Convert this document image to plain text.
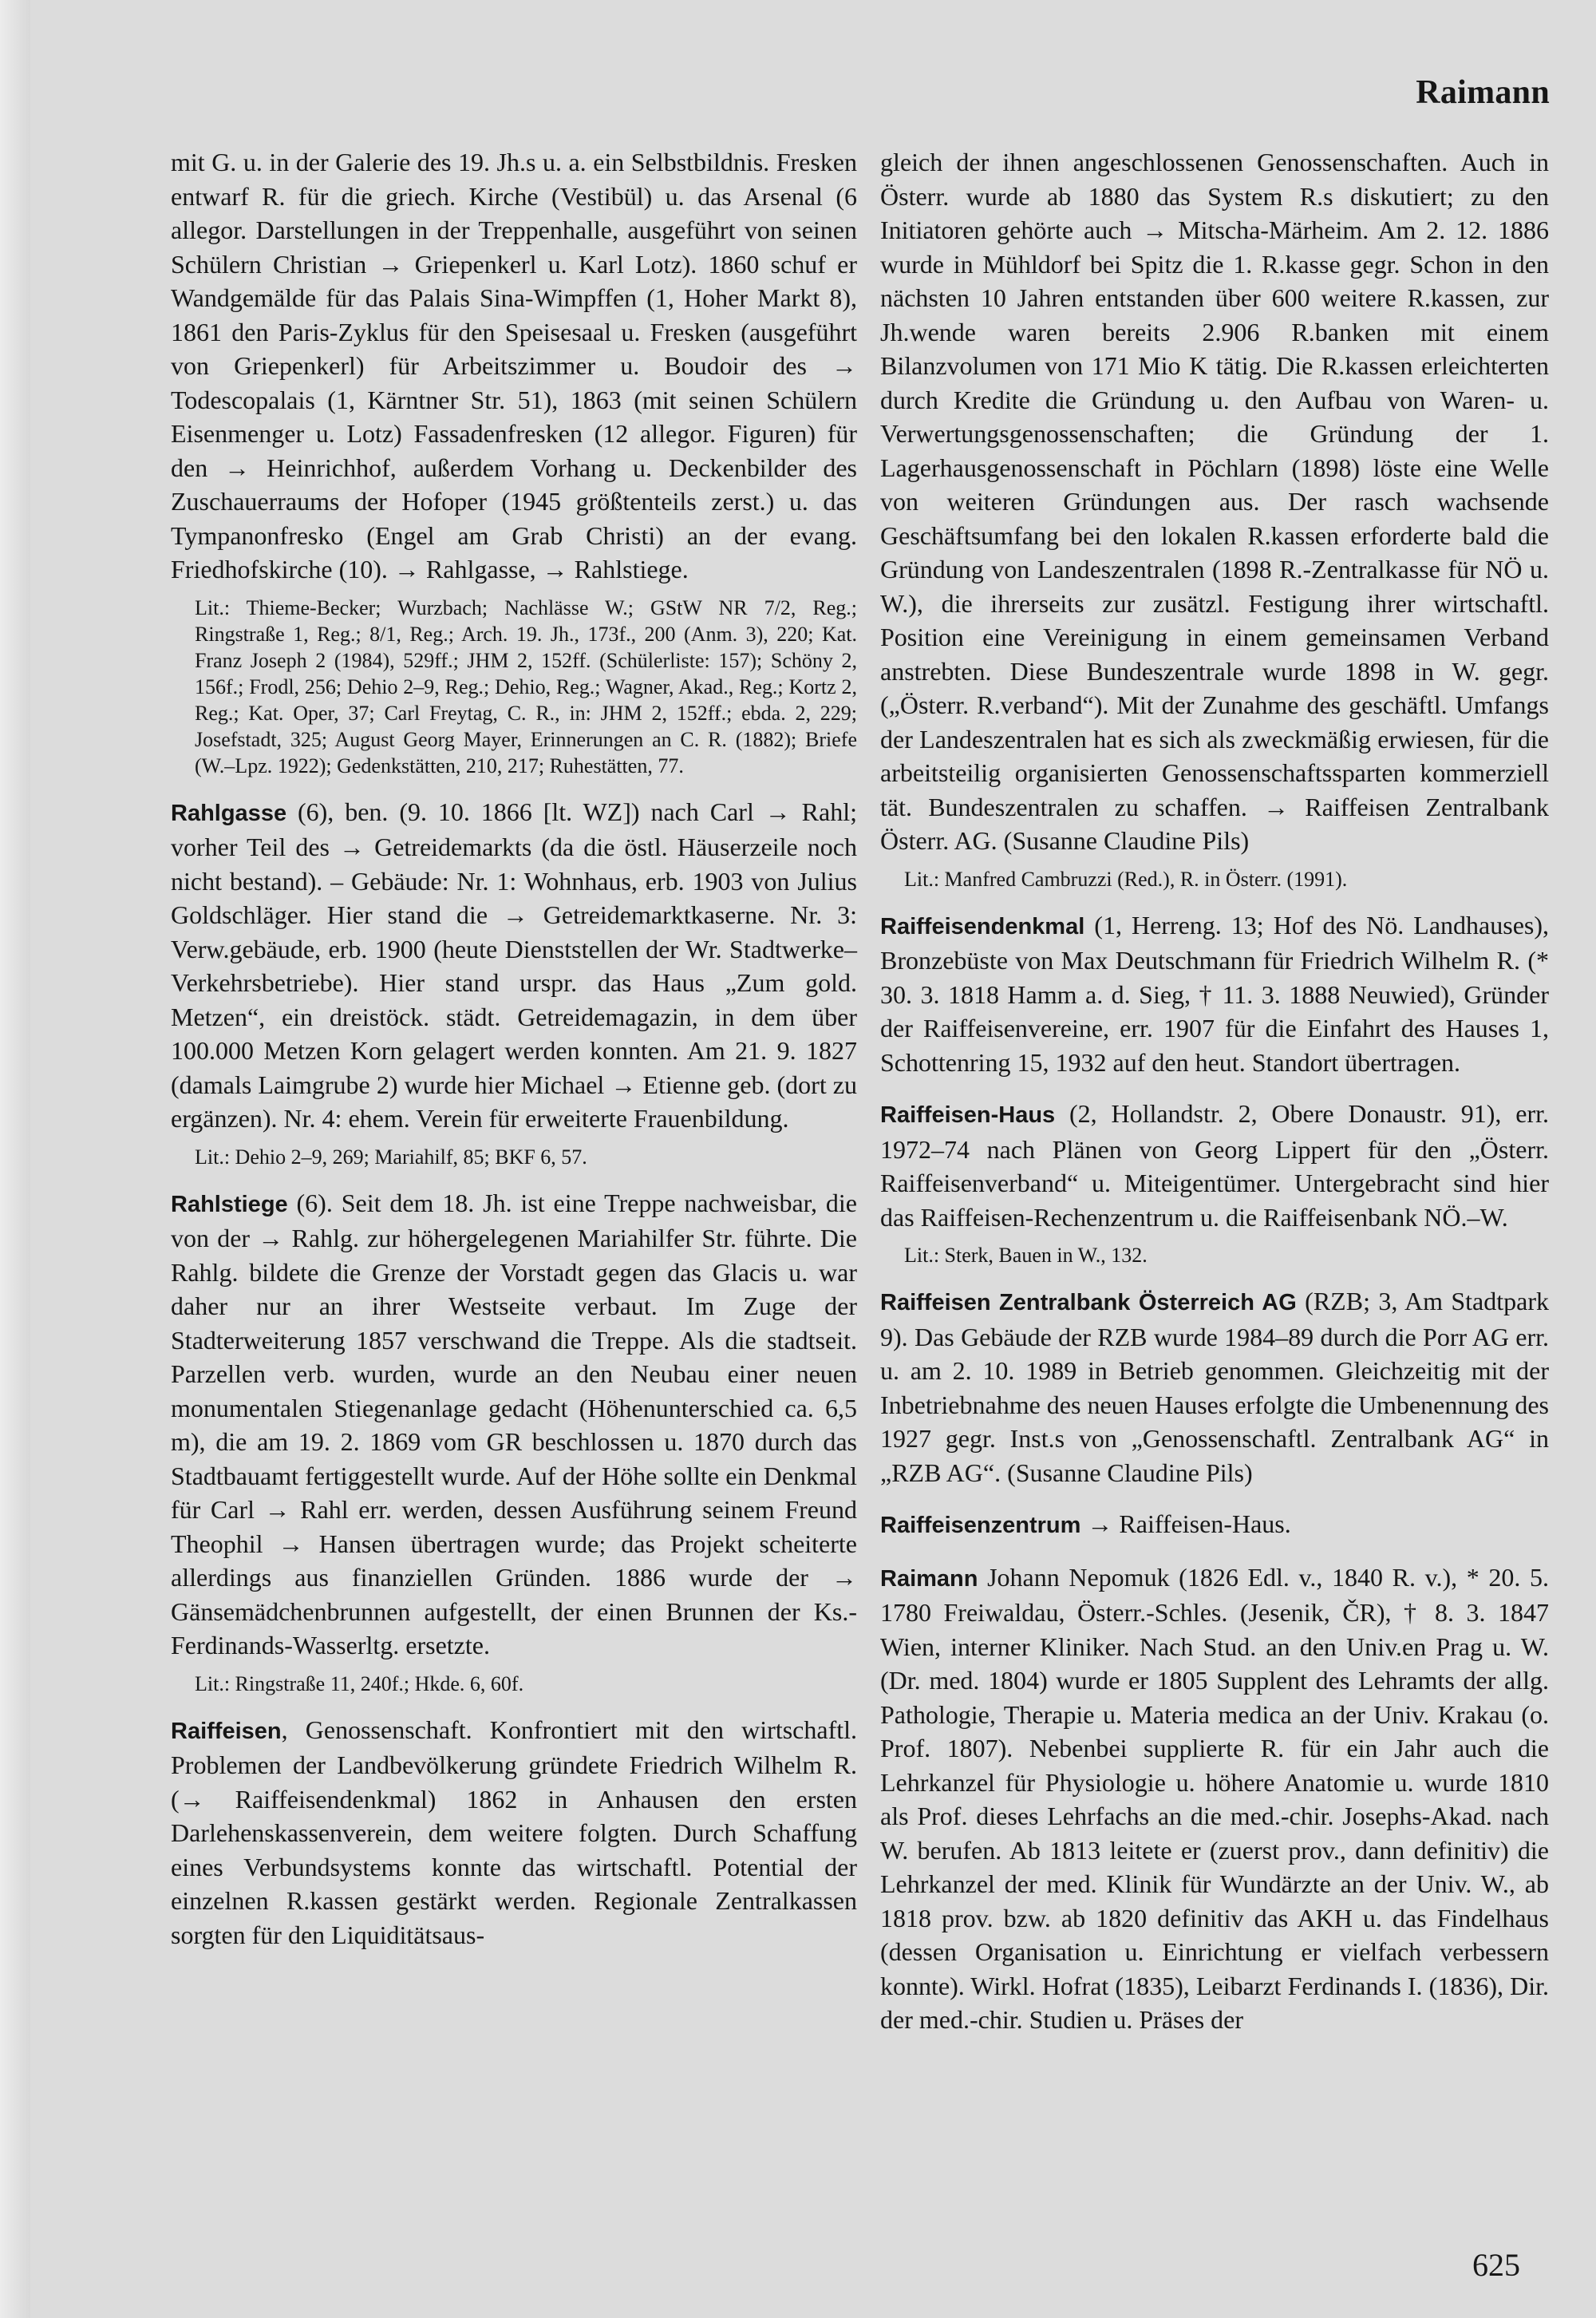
Raimann

mit G. u. in der Galerie des 19. Jh.s u. a. ein Selbstbildnis. Fresken entwarf R. für die griech. Kirche (Vestibül) u. das Arsenal (6 allegor. Darstellungen in der Treppenhalle, ausgeführt von seinen Schülern Christian → Griepenkerl u. Karl Lotz). 1860 schuf er Wandgemälde für das Palais Sina-Wimpffen (1, Hoher Markt 8), 1861 den Paris-Zyklus für den Speisesaal u. Fresken (ausgeführt von Griepenkerl) für Arbeitszimmer u. Boudoir des → Todescopalais (1, Kärntner Str. 51), 1863 (mit seinen Schülern Eisenmenger u. Lotz) Fassadenfresken (12 allegor. Figuren) für den → Heinrichhof, außerdem Vorhang u. Deckenbilder des Zuschauerraums der Hofoper (1945 größtenteils zerst.) u. das Tympanonfresko (Engel am Grab Christi) an der evang. Friedhofskirche (10). → Rahlgasse, → Rahlstiege.

Lit.: Thieme-Becker; Wurzbach; Nachlässe W.; GStW NR 7/2, Reg.; Ringstraße 1, Reg.; 8/1, Reg.; Arch. 19. Jh., 173f., 200 (Anm. 3), 220; Kat. Franz Joseph 2 (1984), 529ff.; JHM 2, 152ff. (Schülerliste: 157); Schöny 2, 156f.; Frodl, 256; Dehio 2–9, Reg.; Dehio, Reg.; Wagner, Akad., Reg.; Kortz 2, Reg.; Kat. Oper, 37; Carl Freytag, C. R., in: JHM 2, 152ff.; ebda. 2, 229; Josefstadt, 325; August Georg Mayer, Erinnerungen an C. R. (1882); Briefe (W.–Lpz. 1922); Gedenkstätten, 210, 217; Ruhestätten, 77.

Rahlgasse (6), ben. (9. 10. 1866 [lt. WZ]) nach Carl → Rahl; vorher Teil des → Getreidemarkts (da die östl. Häuserzeile noch nicht bestand). – Gebäude: Nr. 1: Wohnhaus, erb. 1903 von Julius Goldschläger. Hier stand die → Getreidemarktkaserne. Nr. 3: Verw.gebäude, erb. 1900 (heute Dienststellen der Wr. Stadtwerke–Verkehrsbetriebe). Hier stand urspr. das Haus „Zum gold. Metzen“, ein dreistöck. städt. Getreidemagazin, in dem über 100.000 Metzen Korn gelagert werden konnten. Am 21. 9. 1827 (damals Laimgrube 2) wurde hier Michael → Etienne geb. (dort zu ergänzen). Nr. 4: ehem. Verein für erweiterte Frauenbildung.

Lit.: Dehio 2–9, 269; Mariahilf, 85; BKF 6, 57.

Rahlstiege (6). Seit dem 18. Jh. ist eine Treppe nachweisbar, die von der → Rahlg. zur höhergelegenen Mariahilfer Str. führte. Die Rahlg. bildete die Grenze der Vorstadt gegen das Glacis u. war daher nur an ihrer Westseite verbaut. Im Zuge der Stadterweiterung 1857 verschwand die Treppe. Als die stadtseit. Parzellen verb. wurden, wurde an den Neubau einer neuen monumentalen Stiegenanlage gedacht (Höhenunterschied ca. 6,5 m), die am 19. 2. 1869 vom GR beschlossen u. 1870 durch das Stadtbauamt fertiggestellt wurde. Auf der Höhe sollte ein Denkmal für Carl → Rahl err. werden, dessen Ausführung seinem Freund Theophil → Hansen übertragen wurde; das Projekt scheiterte allerdings aus finanziellen Gründen. 1886 wurde der → Gänsemädchenbrunnen aufgestellt, der einen Brunnen der Ks.-Ferdinands-Wasserltg. ersetzte.

Lit.: Ringstraße 11, 240f.; Hkde. 6, 60f.

Raiffeisen, Genossenschaft. Konfrontiert mit den wirtschaftl. Problemen der Landbevölkerung gründete Friedrich Wilhelm R. (→ Raiffeisendenkmal) 1862 in Anhausen den ersten Darlehenskassenverein, dem weitere folgten. Durch Schaffung eines Verbundsystems konnte das wirtschaftl. Potential der einzelnen R.kassen gestärkt werden. Regionale Zentralkassen sorgten für den Liquiditätsaus-

gleich der ihnen angeschlossenen Genossenschaften. Auch in Österr. wurde ab 1880 das System R.s diskutiert; zu den Initiatoren gehörte auch → Mitscha-Märheim. Am 2. 12. 1886 wurde in Mühldorf bei Spitz die 1. R.kasse gegr. Schon in den nächsten 10 Jahren entstanden über 600 weitere R.kassen, zur Jh.wende waren bereits 2.906 R.banken mit einem Bilanzvolumen von 171 Mio K tätig. Die R.kassen erleichterten durch Kredite die Gründung u. den Aufbau von Waren- u. Verwertungsgenossenschaften; die Gründung der 1. Lagerhausgenossenschaft in Pöchlarn (1898) löste eine Welle von weiteren Gründungen aus. Der rasch wachsende Geschäftsumfang bei den lokalen R.kassen erforderte bald die Gründung von Landeszentralen (1898 R.-Zentralkasse für NÖ u. W.), die ihrerseits zur zusätzl. Festigung ihrer wirtschaftl. Position eine Vereinigung in einem gemeinsamen Verband anstrebten. Diese Bundeszentrale wurde 1898 in W. gegr. („Österr. R.verband“). Mit der Zunahme des geschäftl. Umfangs der Landeszentralen hat es sich als zweckmäßig erwiesen, für die arbeitsteilig organisierten Genossenschaftssparten kommerziell tät. Bundeszentralen zu schaffen. → Raiffeisen Zentralbank Österr. AG. (Susanne Claudine Pils)

Lit.: Manfred Cambruzzi (Red.), R. in Österr. (1991).

Raiffeisendenkmal (1, Herreng. 13; Hof des Nö. Landhauses), Bronzebüste von Max Deutschmann für Friedrich Wilhelm R. (* 30. 3. 1818 Hamm a. d. Sieg, † 11. 3. 1888 Neuwied), Gründer der Raiffeisenvereine, err. 1907 für die Einfahrt des Hauses 1, Schottenring 15, 1932 auf den heut. Standort übertragen.

Raiffeisen-Haus (2, Hollandstr. 2, Obere Donaustr. 91), err. 1972–74 nach Plänen von Georg Lippert für den „Österr. Raiffeisenverband“ u. Miteigentümer. Untergebracht sind hier das Raiffeisen-Rechenzentrum u. die Raiffeisenbank NÖ.–W.

Lit.: Sterk, Bauen in W., 132.

Raiffeisen Zentralbank Österreich AG (RZB; 3, Am Stadtpark 9). Das Gebäude der RZB wurde 1984–89 durch die Porr AG err. u. am 2. 10. 1989 in Betrieb genommen. Gleichzeitig mit der Inbetriebnahme des neuen Hauses erfolgte die Umbenennung des 1927 gegr. Inst.s von „Genossenschaftl. Zentralbank AG“ in „RZB AG“. (Susanne Claudine Pils)

Raiffeisenzentrum → Raiffeisen-Haus.

Raimann Johann Nepomuk (1826 Edl. v., 1840 R. v.), * 20. 5. 1780 Freiwaldau, Österr.-Schles. (Jesenik, ČR), † 8. 3. 1847 Wien, interner Kliniker. Nach Stud. an den Univ.en Prag u. W. (Dr. med. 1804) wurde er 1805 Supplent des Lehramts der allg. Pathologie, Therapie u. Materia medica an der Univ. Krakau (o. Prof. 1807). Nebenbei supplierte R. für ein Jahr auch die Lehrkanzel für Physiologie u. höhere Anatomie u. wurde 1810 als Prof. dieses Lehrfachs an die med.-chir. Josephs-Akad. nach W. berufen. Ab 1813 leitete er (zuerst prov., dann definitiv) die Lehrkanzel der med. Klinik für Wundärzte an der Univ. W., ab 1818 prov. bzw. ab 1820 definitiv das AKH u. das Findelhaus (dessen Organisation u. Einrichtung er vielfach verbessern konnte). Wirkl. Hofrat (1835), Leibarzt Ferdinands I. (1836), Dir. der med.-chir. Studien u. Präses der

625
